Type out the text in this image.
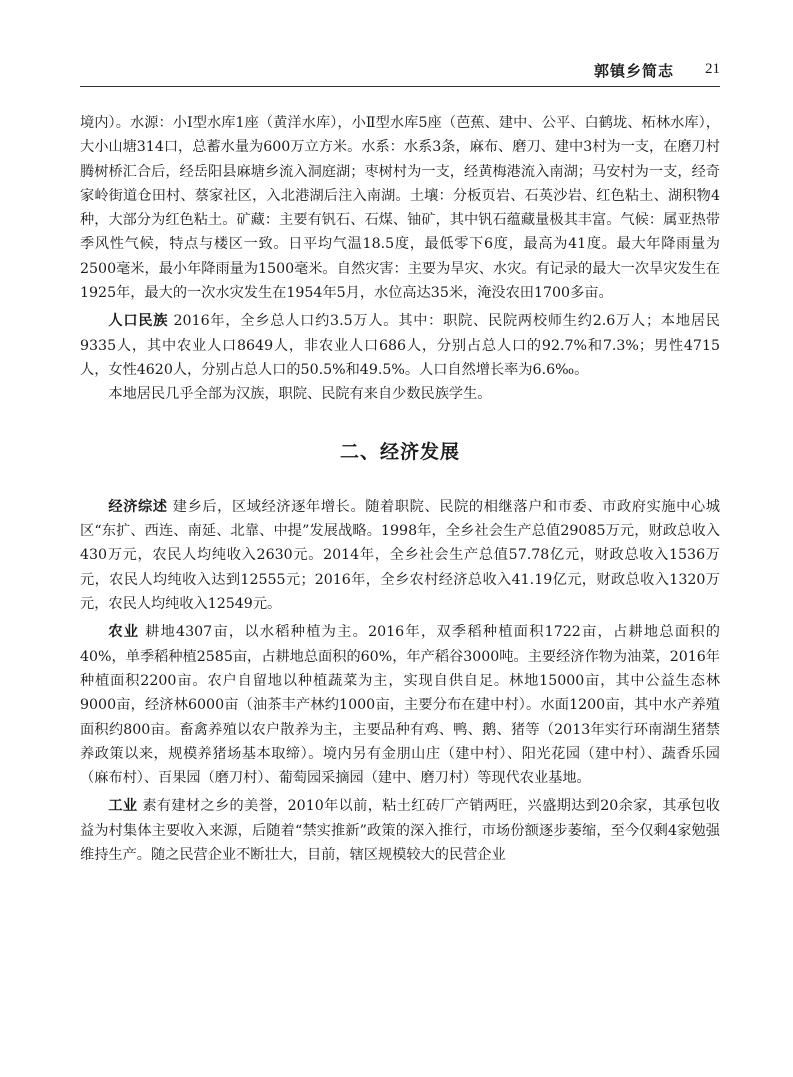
郭镇乡简志 21

境内）。水源：小Ⅰ型水库1座（黄洋水库），小Ⅱ型水库5座（芭蕉、建中、公平、白鹤垅、柘林水库），大小山塘314口，总蓄水量为600万立方米。水系：水系3条，麻布、磨刀、建中3村为一支，在磨刀村腾树桥汇合后，经岳阳县麻塘乡流入洞庭湖；枣树村为一支，经黄梅港流入南湖；马安村为一支，经奇家岭街道仓田村、蔡家社区，入北港湖后注入南湖。土壤：分板页岩、石英沙岩、红色粘土、湖积物4种，大部分为红色粘土。矿藏：主要有钒石、石煤、铀矿，其中钒石蕴藏量极其丰富。气候：属亚热带季风性气候，特点与楼区一致。日平均气温18.5度，最低零下6度，最高为41度。最大年降雨量为2500毫米，最小年降雨量为1500毫米。自然灾害：主要为旱灾、水灾。有记录的最大一次旱灾发生在1925年，最大的一次水灾发生在1954年5月，水位高达35米，淹没农田1700多亩。

人口民族 2016年，全乡总人口约3.5万人。其中：职院、民院两校师生约2.6万人；本地居民9335人，其中农业人口8649人，非农业人口686人，分别占总人口的92.7%和7.3%；男性4715人，女性4620人，分别占总人口的50.5%和49.5%。人口自然增长率为6.6‰。

本地居民几乎全部为汉族，职院、民院有来自少数民族学生。

二、经济发展

经济综述 建乡后，区域经济逐年增长。随着职院、民院的相继落户和市委、市政府实施中心城区“东扩、西连、南延、北靠、中提”发展战略。1998年，全乡社会生产总值29085万元，财政总收入430万元，农民人均纯收入2630元。2014年，全乡社会生产总值57.78亿元，财政总收入1536万元，农民人均纯收入达到12555元；2016年，全乡农村经济总收入41.19亿元，财政总收入1320万元，农民人均纯收入12549元。

农业 耕地4307亩，以水稻种植为主。2016年，双季稻种植面积1722亩，占耕地总面积的40%，单季稻种植2585亩，占耕地总面积的60%，年产稻谷3000吨。主要经济作物为油菜，2016年种植面积2200亩。农户自留地以种植蔬菜为主，实现自供自足。林地15000亩，其中公益生态林9000亩，经济林6000亩（油茶丰产林约1000亩，主要分布在建中村）。水面1200亩，其中水产养殖面积约800亩。畜禽养殖以农户散养为主，主要品种有鸡、鸭、鹅、猪等（2013年实行环南湖生猪禁养政策以来，规模养猪场基本取缔）。境内另有金朋山庄（建中村）、阳光花园（建中村）、蔬香乐园（麻布村）、百果园（磨刀村）、葡萄园采摘园（建中、磨刀村）等现代农业基地。

工业 素有建材之乡的美誉，2010年以前，粘土红砖厂产销两旺，兴盛期达到20余家，其承包收益为村集体主要收入来源，后随着“禁实推新”政策的深入推行，市场份额逐步萎缩，至今仅剩4家勉强维持生产。随之民营企业不断壮大，目前，辖区规模较大的民营企业
